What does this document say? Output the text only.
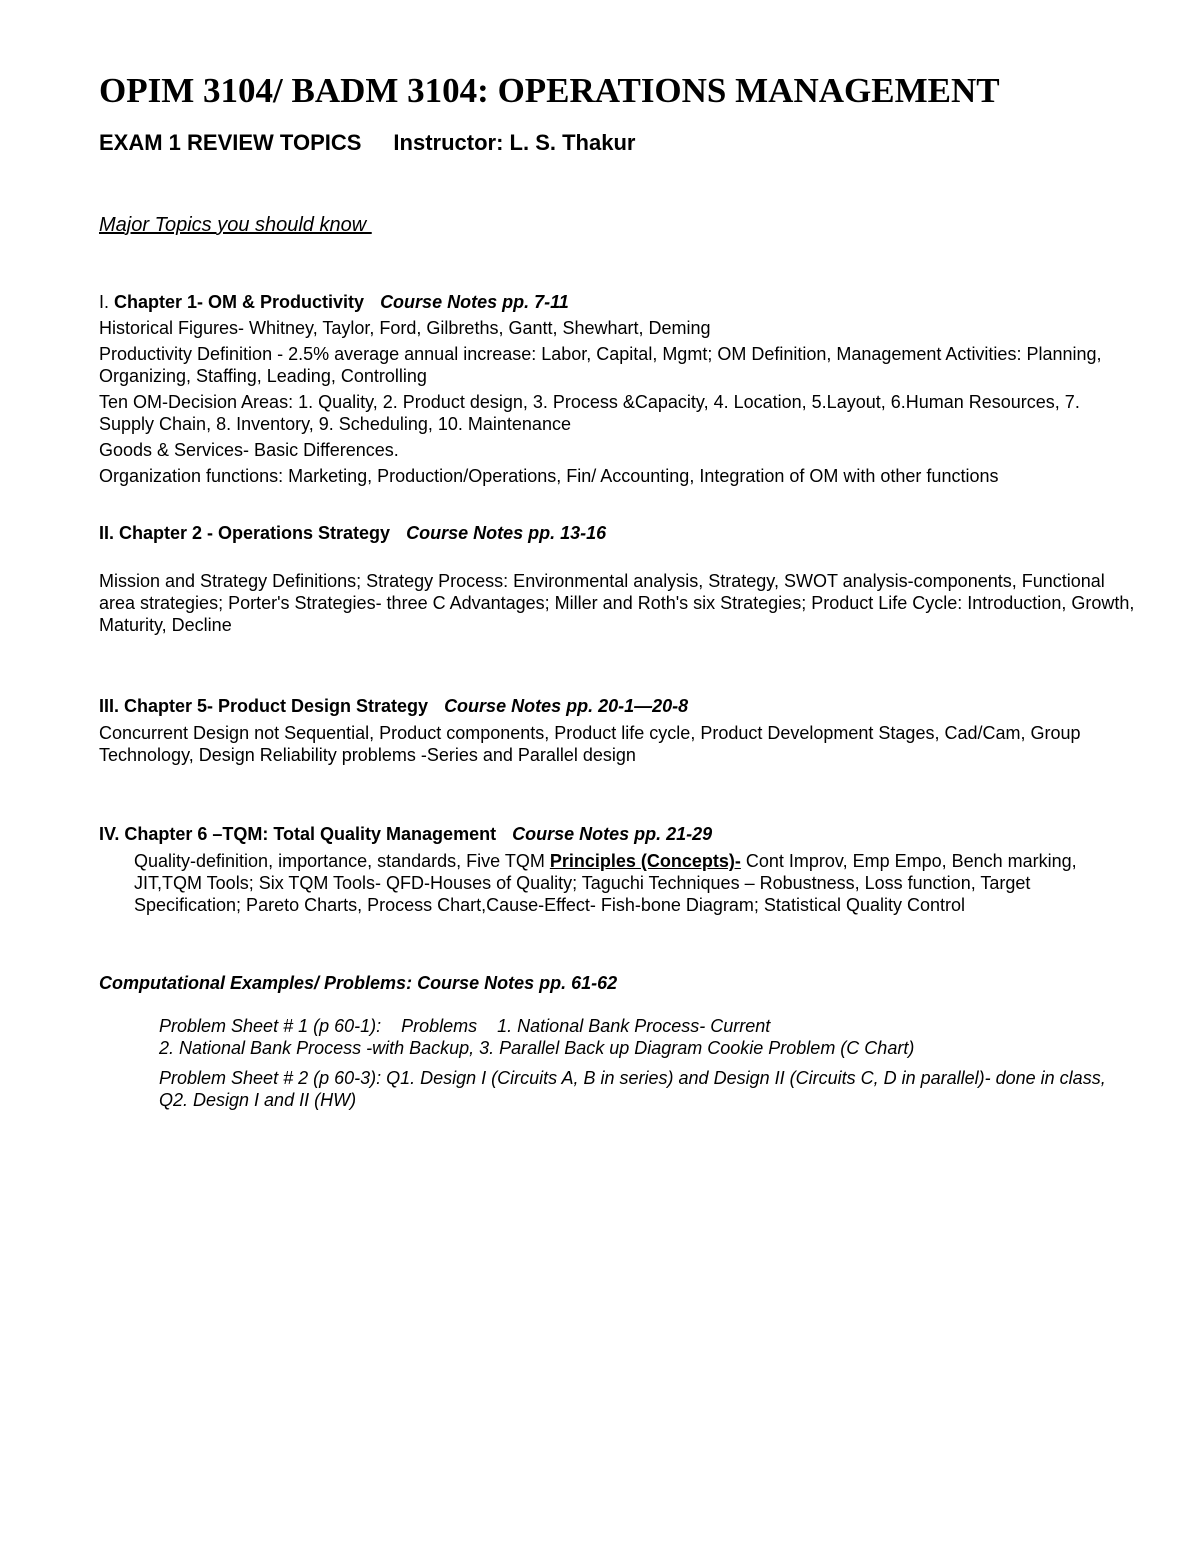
OPIM 3104/ BADM 3104: OPERATIONS MANAGEMENT
EXAM 1 REVIEW TOPICS Instructor: L. S. Thakur
Major Topics you should know
I. Chapter 1- OM & Productivity Course Notes pp. 7-11

Historical Figures- Whitney, Taylor, Ford, Gilbreths, Gantt, Shewhart, Deming

Productivity Definition - 2.5% average annual increase: Labor, Capital, Mgmt; OM Definition, Management Activities: Planning, Organizing, Staffing, Leading, Controlling

Ten OM-Decision Areas: 1. Quality, 2. Product design, 3. Process &Capacity, 4. Location, 5.Layout, 6.Human Resources, 7. Supply Chain, 8. Inventory, 9. Scheduling, 10. Maintenance

Goods & Services- Basic Differences.

Organization functions: Marketing, Production/Operations, Fin/ Accounting, Integration of OM with other functions

II. Chapter 2 - Operations Strategy Course Notes pp. 13-16
Mission and Strategy Definitions; Strategy Process: Environmental analysis, Strategy, SWOT analysis-components, Functional area strategies; Porter's Strategies- three C Advantages; Miller and Roth's six Strategies; Product Life Cycle: Introduction, Growth, Maturity, Decline
III. Chapter 5- Product Design Strategy Course Notes pp. 20-1—20-8
Concurrent Design not Sequential, Product components, Product life cycle, Product Development Stages, Cad/Cam, Group Technology, Design Reliability problems -Series and Parallel design
IV. Chapter 6 –TQM: Total Quality Management Course Notes pp. 21-29
Quality-definition, importance, standards, Five TQM Principles (Concepts)- Cont Improv, Emp Empo, Bench marking, JIT,TQM Tools; Six TQM Tools- QFD-Houses of Quality; Taguchi Techniques – Robustness, Loss function, Target Specification; Pareto Charts, Process Chart,Cause-Effect- Fish-bone Diagram; Statistical Quality Control
Computational Examples/ Problems: Course Notes pp. 61-62

Problem Sheet # 1 (p 60-1): Problems 1. National Bank Process- Current

2. National Bank Process -with Backup, 3. Parallel Back up Diagram Cookie Problem (C Chart)

Problem Sheet # 2 (p 60-3): Q1. Design I (Circuits A, B in series) and Design II (Circuits C, D in parallel)- done in class, Q2. Design I and II (HW)
